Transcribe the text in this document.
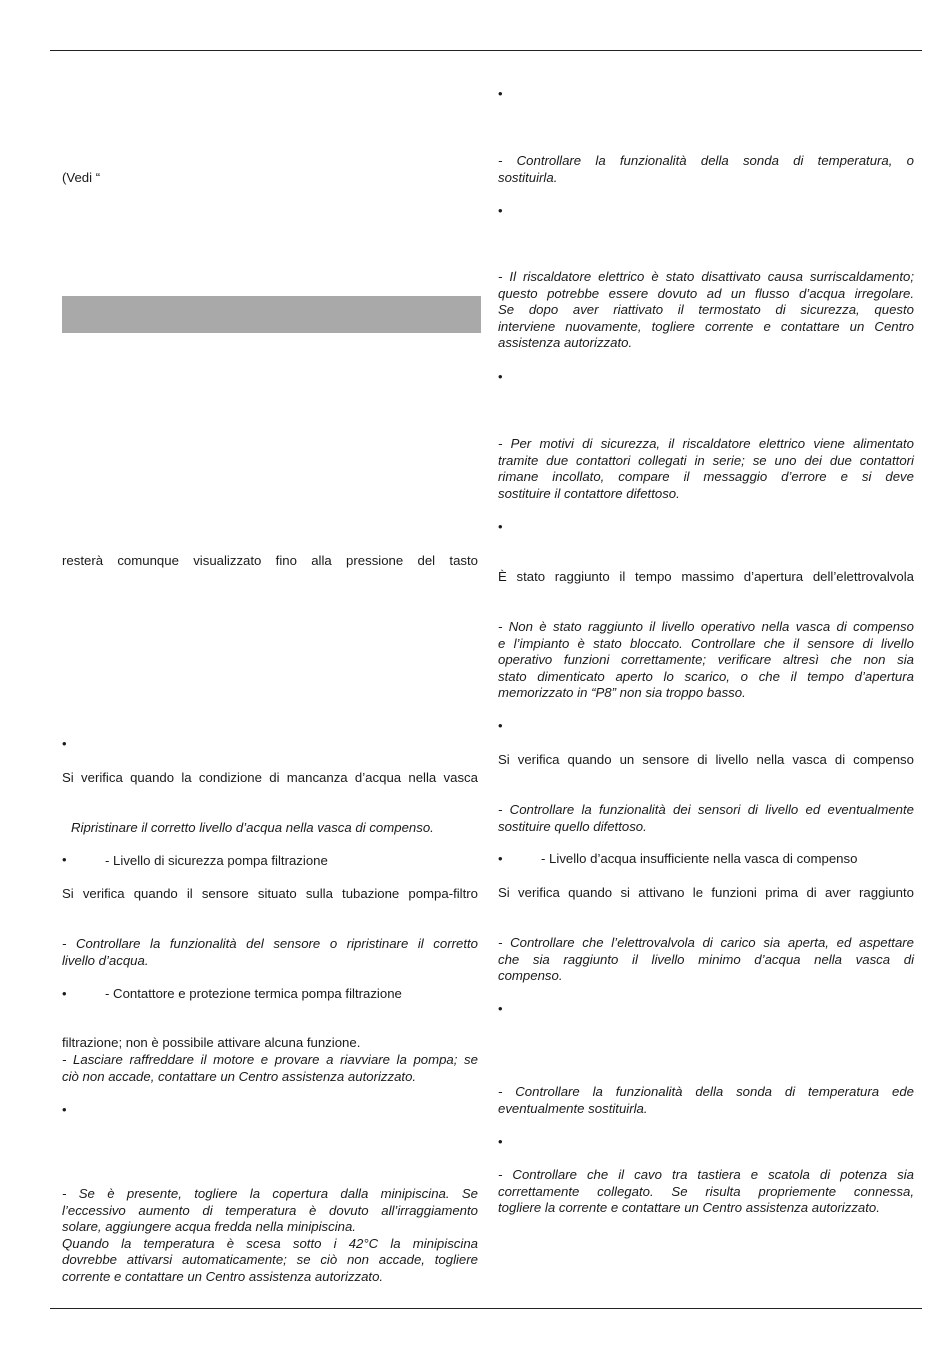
(Vedi “

resterà comunque visualizzato fino alla pressione del tasto

•

Si verifica quando la condizione di mancanza d’acqua nella vasca

Ripristinare il corretto livello d’acqua nella vasca di compenso.

•	- Livello di sicurezza pompa filtrazione

Si verifica quando il sensore situato sulla tubazione pompa-filtro

- Controllare la funzionalità del sensore o ripristinare il corretto
livello d’acqua.
•	- Contattore e protezione termica pompa filtrazione

filtrazione; non è possibile attivare alcuna funzione.

- Lasciare raffreddare il motore e provare a riavviare la pompa; se
ciò non accade, contattare un Centro assistenza autorizzato.
•
- Se è presente, togliere la copertura dalla minipiscina. Se
l’eccessivo aumento di temperatura è dovuto all’irraggiamento
solare, aggiungere acqua fredda nella minipiscina.
Quando la temperatura è scesa sotto i 42°C la minipiscina
dovrebbe attivarsi automaticamente; se ciò non accade, togliere
corrente e contattare un Centro assistenza autorizzato.
•
- Controllare la funzionalità della sonda di temperatura, o
sostituirla.
•
- Il riscaldatore elettrico è stato disattivato causa surriscaldamento;
questo potrebbe essere dovuto ad un flusso d’acqua irregolare.
Se dopo aver riattivato il termostato di sicurezza, questo
interviene nuovamente, togliere corrente e contattare un Centro
assistenza autorizzato.
•
- Per motivi di sicurezza, il riscaldatore elettrico viene alimentato
tramite due contattori collegati in serie; se uno dei due contattori
rimane incollato, compare il messaggio d’errore e si deve
sostituire il contattore difettoso.
•

È stato raggiunto il tempo massimo d’apertura dell’elettrovalvola

- Non è stato raggiunto il livello operativo nella vasca di compenso
e l’impianto è stato bloccato. Controllare che il sensore di livello
operativo funzioni correttamente; verificare altresì che non sia
stato dimenticato aperto lo scarico, o che il tempo d’apertura
memorizzato in “P8” non sia troppo basso.
•

Si verifica quando un sensore di livello nella vasca di compenso

- Controllare la funzionalità dei sensori di livello ed eventualmente
sostituire quello difettoso.
•	- Livello d’acqua insufficiente nella vasca di compenso

Si verifica quando si attivano le funzioni prima di aver raggiunto

- Controllare che l’elettrovalvola di carico sia aperta, ed aspettare
che sia raggiunto il livello minimo d’acqua nella vasca di
compenso.
•
- Controllare la funzionalità della sonda di temperatura ede
eventualmente sostituirla.
•
- Controllare che il cavo tra tastiera e scatola di potenza sia
correttamente collegato. Se risulta propriemente connessa,
togliere la corrente e contattare un Centro assistenza autorizzato.
